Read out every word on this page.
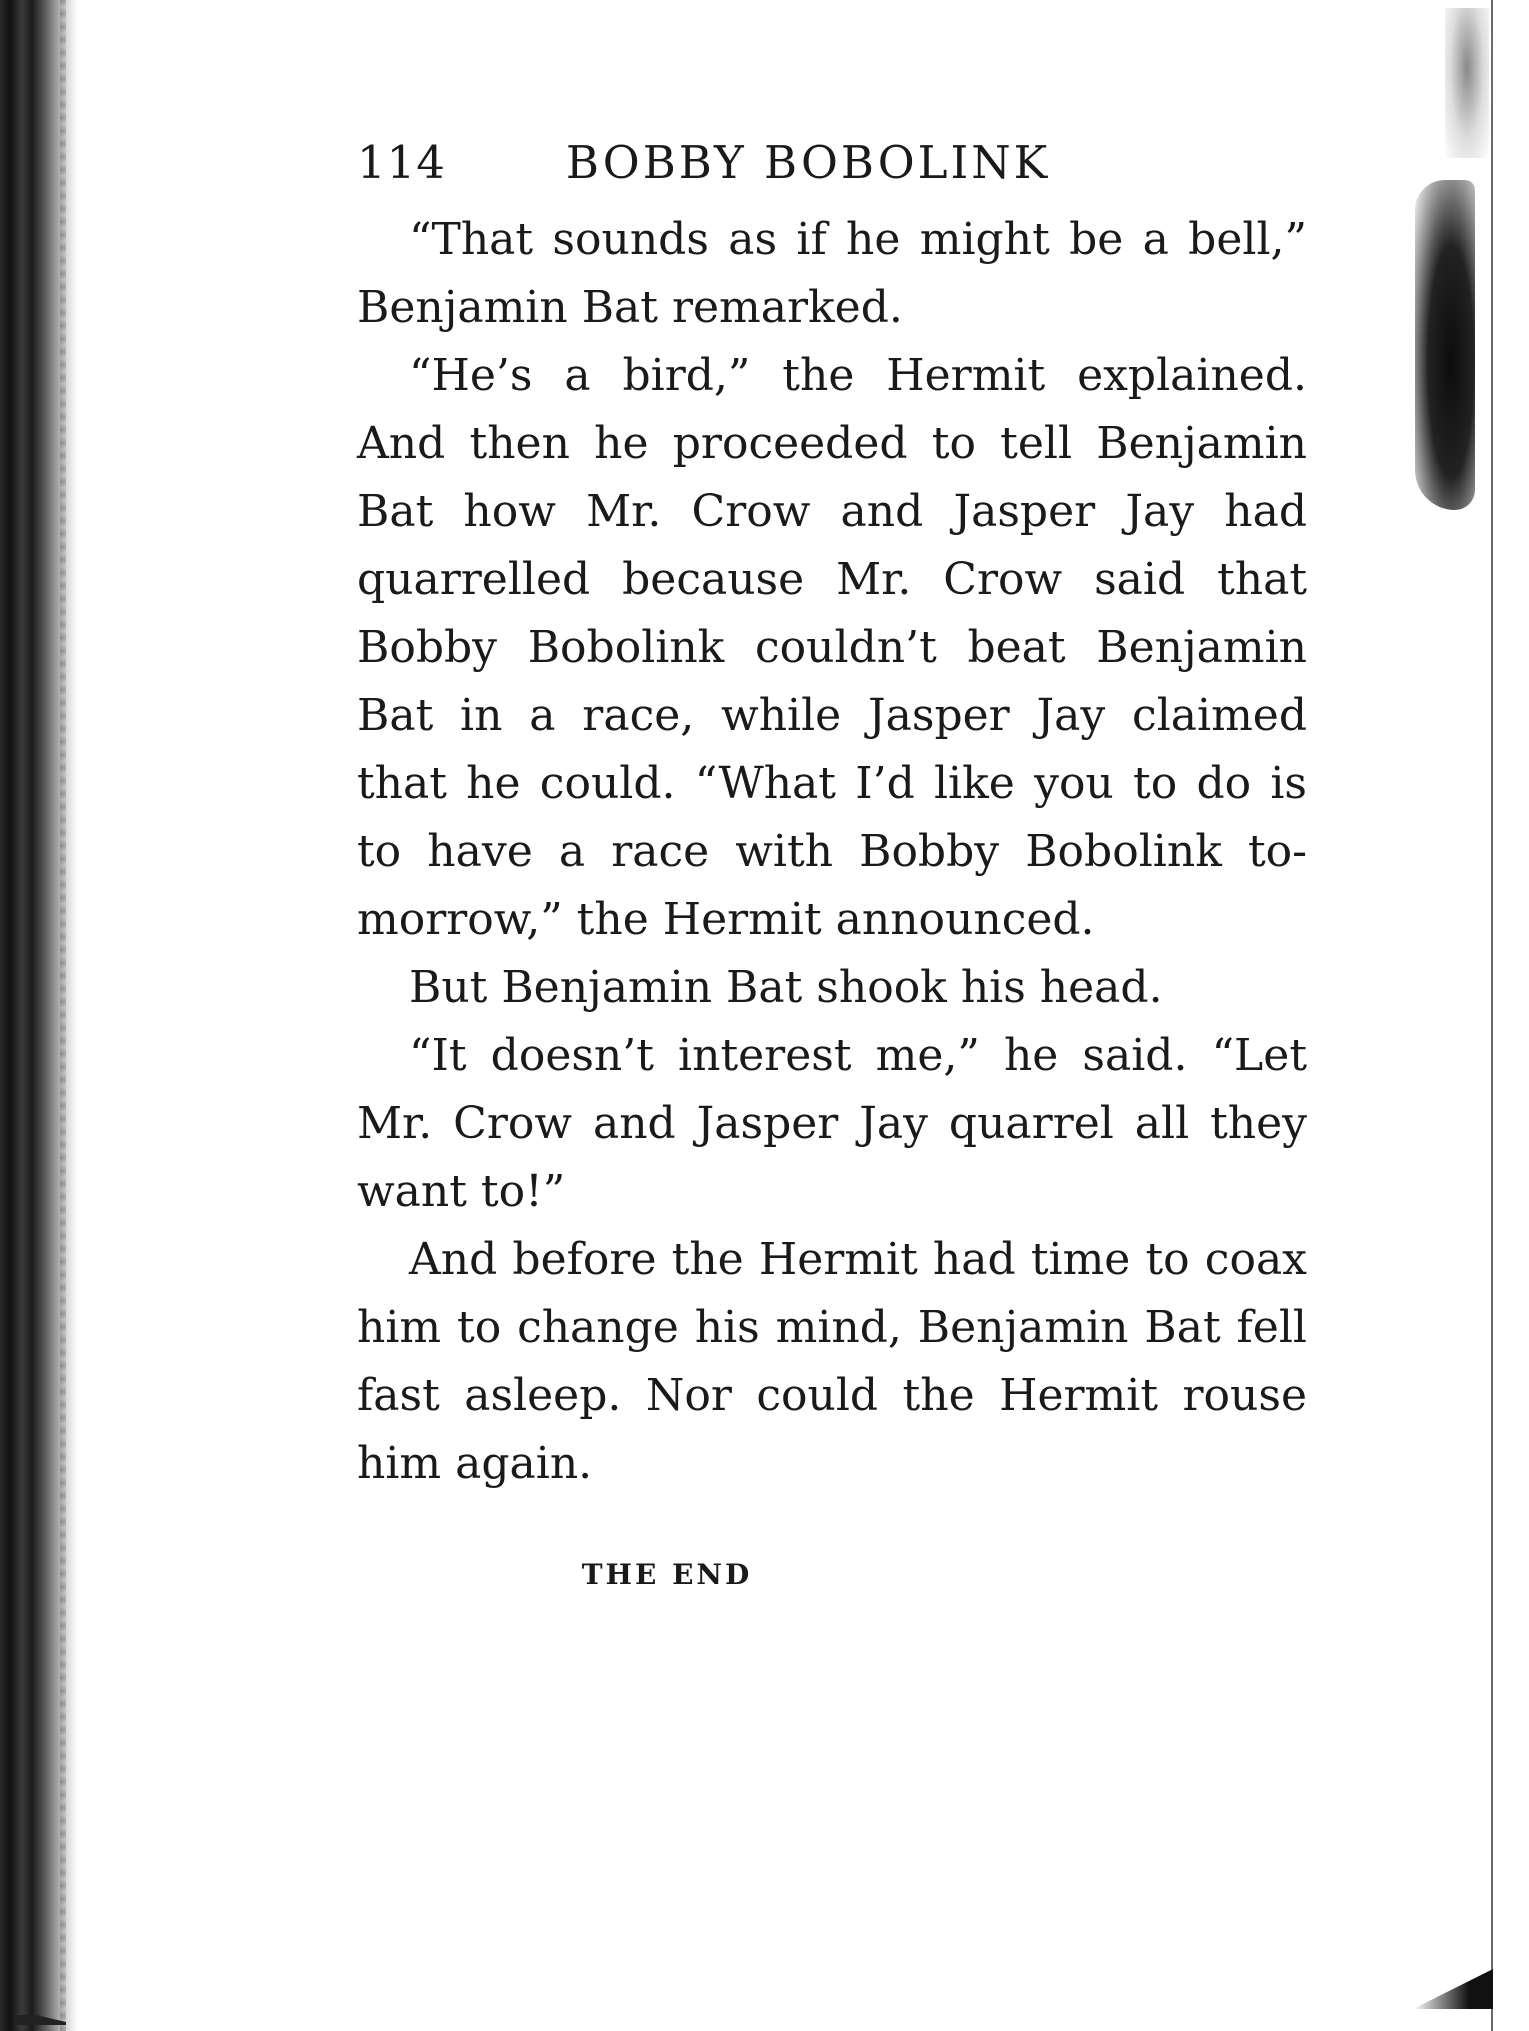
114	BOBBY BOBOLINK

“That sounds as if he might be a bell,” Benjamin Bat remarked.

“He’s a bird,” the Hermit explained. And then he proceeded to tell Benjamin Bat how Mr. Crow and Jasper Jay had quarrelled because Mr. Crow said that Bobby Bobolink couldn’t beat Benjamin Bat in a race, while Jasper Jay claimed that he could. “What I’d like you to do is to have a race with Bobby Bobolink to-morrow,” the Hermit announced.

But Benjamin Bat shook his head.

“It doesn’t interest me,” he said. “Let Mr. Crow and Jasper Jay quarrel all they want to!”

And before the Hermit had time to coax him to change his mind, Benjamin Bat fell fast asleep. Nor could the Hermit rouse him again.

THE END
